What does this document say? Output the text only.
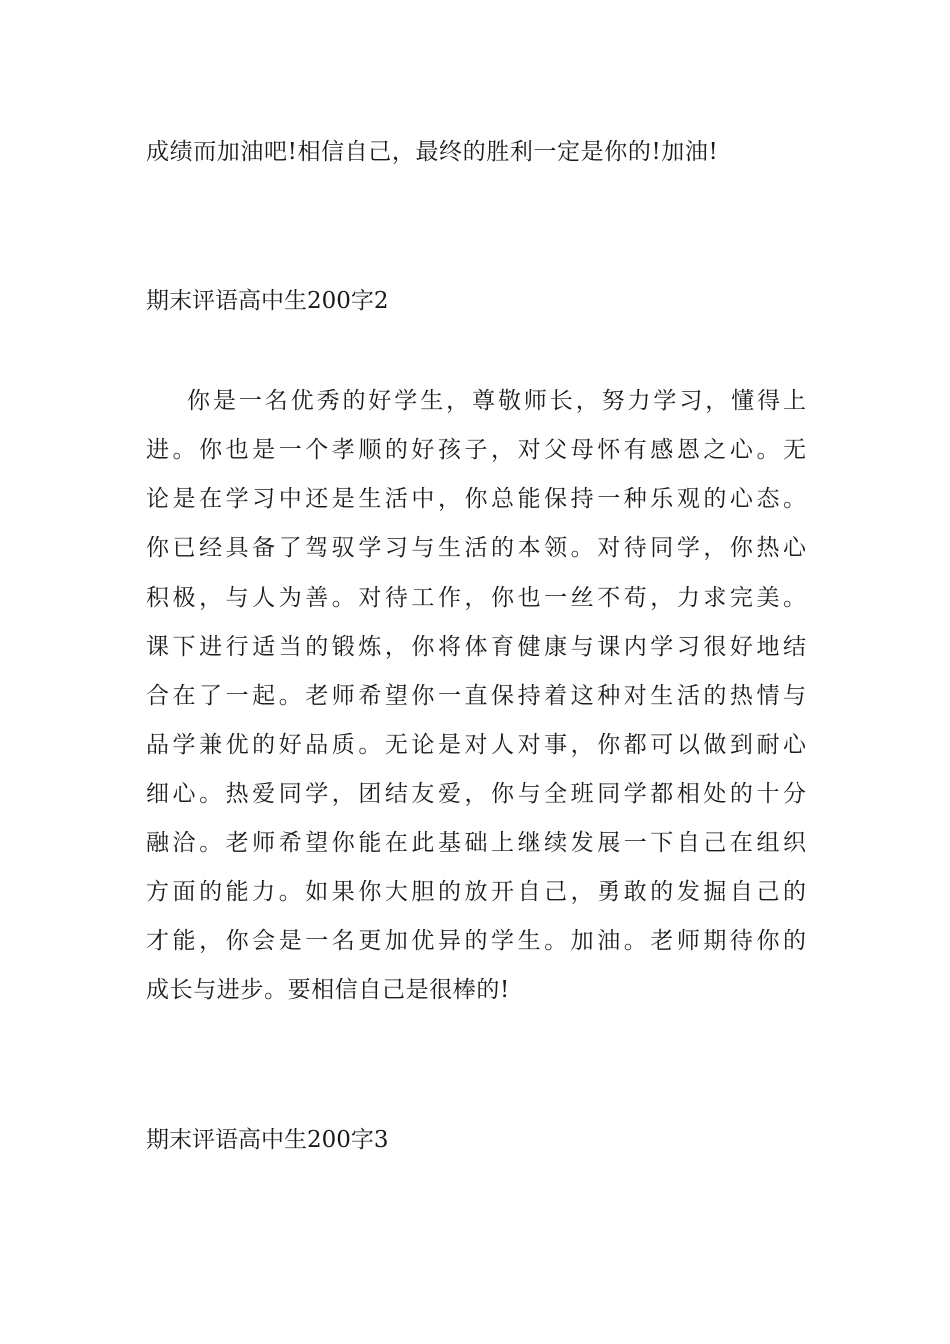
成绩而加油吧!相信自己，最终的胜利一定是你的!加油!
期末评语高中生200字2
你是一名优秀的好学生，尊敬师长，努力学习，懂得上
进。你也是一个孝顺的好孩子，对父母怀有感恩之心。无
论是在学习中还是生活中，你总能保持一种乐观的心态。
你已经具备了驾驭学习与生活的本领。对待同学，你热心
积极，与人为善。对待工作，你也一丝不苟，力求完美。
课下进行适当的锻炼，你将体育健康与课内学习很好地结
合在了一起。老师希望你一直保持着这种对生活的热情与
品学兼优的好品质。无论是对人对事，你都可以做到耐心
细心。热爱同学，团结友爱，你与全班同学都相处的十分
融洽。老师希望你能在此基础上继续发展一下自己在组织
方面的能力。如果你大胆的放开自己，勇敢的发掘自己的
才能，你会是一名更加优异的学生。加油。老师期待你的
成长与进步。要相信自己是很棒的!
期末评语高中生200字3
